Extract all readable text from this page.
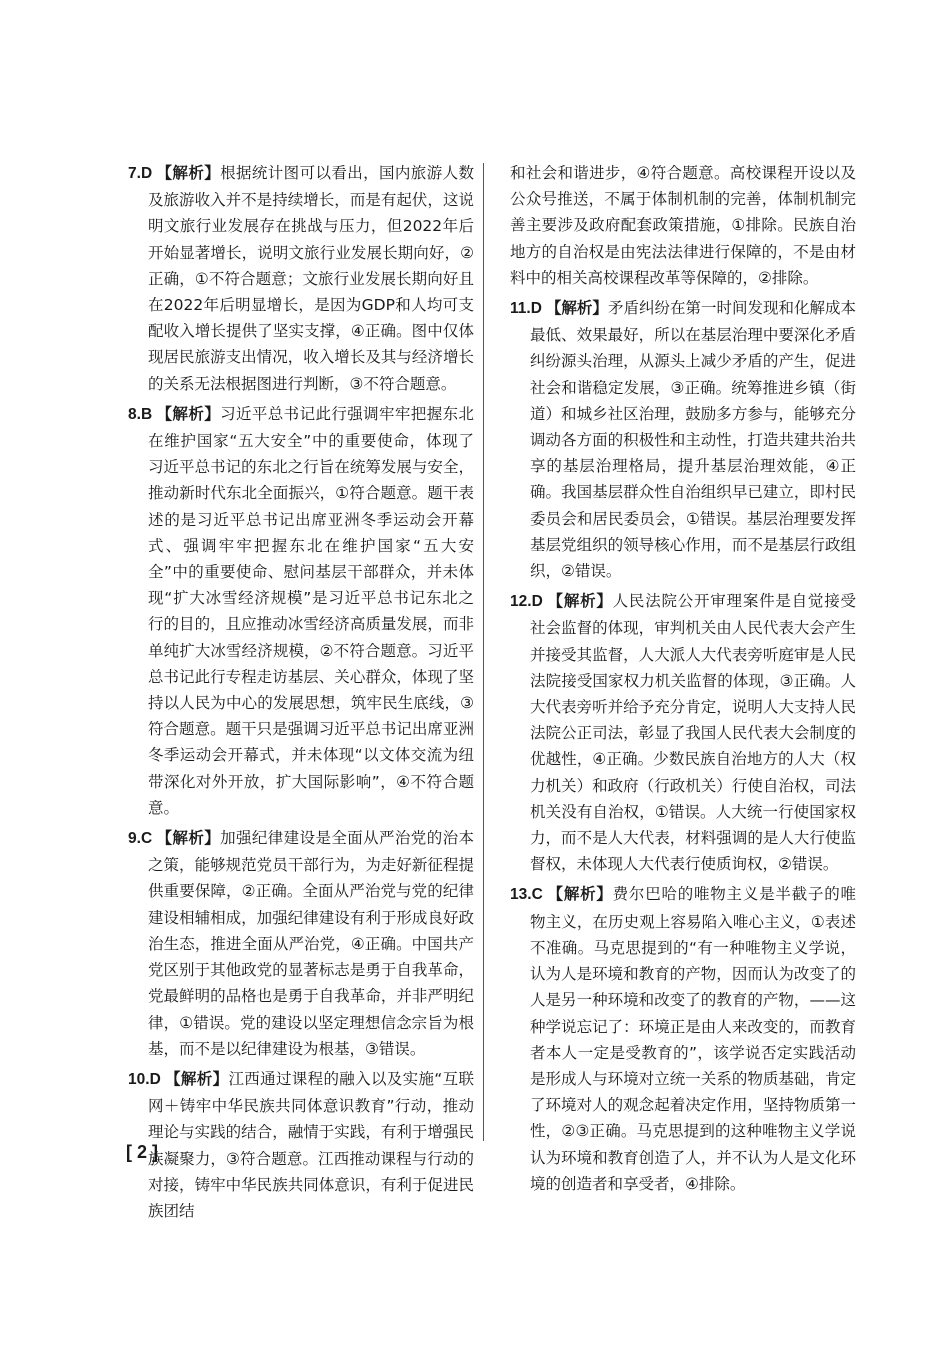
7.D 【解析】根据统计图可以看出，国内旅游人数及旅游收入并不是持续增长，而是有起伏，这说明文旅行业发展存在挑战与压力，但2022年后开始显著增长，说明文旅行业发展长期向好，②正确，①不符合题意；文旅行业发展长期向好且在2022年后明显增长，是因为GDP和人均可支配收入增长提供了坚实支撑，④正确。图中仅体现居民旅游支出情况，收入增长及其与经济增长的关系无法根据图进行判断，③不符合题意。

8.B 【解析】习近平总书记此行强调牢牢把握东北在维护国家“五大安全”中的重要使命，体现了习近平总书记的东北之行旨在统筹发展与安全，推动新时代东北全面振兴，①符合题意。题干表述的是习近平总书记出席亚洲冬季运动会开幕式、强调牢牢把握东北在维护国家“五大安全”中的重要使命、慰问基层干部群众，并未体现“扩大冰雪经济规模”是习近平总书记东北之行的目的，且应推动冰雪经济高质量发展，而非单纯扩大冰雪经济规模，②不符合题意。习近平总书记此行专程走访基层、关心群众，体现了坚持以人民为中心的发展思想，筑牢民生底线，③符合题意。题干只是强调习近平总书记出席亚洲冬季运动会开幕式，并未体现“以文体交流为纽带深化对外开放，扩大国际影响”，④不符合题意。

9.C 【解析】加强纪律建设是全面从严治党的治本之策，能够规范党员干部行为，为走好新征程提供重要保障，②正确。全面从严治党与党的纪律建设相辅相成，加强纪律建设有利于形成良好政治生态，推进全面从严治党，④正确。中国共产党区别于其他政党的显著标志是勇于自我革命，党最鲜明的品格也是勇于自我革命，并非严明纪律，①错误。党的建设以坚定理想信念宗旨为根基，而不是以纪律建设为根基，③错误。

10.D 【解析】江西通过课程的融入以及实施“互联网＋铸牢中华民族共同体意识教育”行动，推动理论与实践的结合，融情于实践，有利于增强民族凝聚力，③符合题意。江西推动课程与行动的对接，铸牢中华民族共同体意识，有利于促进民族团结

和社会和谐进步，④符合题意。高校课程开设以及公众号推送，不属于体制机制的完善，体制机制完善主要涉及政府配套政策措施，①排除。民族自治地方的自治权是由宪法法律进行保障的，不是由材料中的相关高校课程改革等保障的，②排除。

11.D 【解析】矛盾纠纷在第一时间发现和化解成本最低、效果最好，所以在基层治理中要深化矛盾纠纷源头治理，从源头上减少矛盾的产生，促进社会和谐稳定发展，③正确。统筹推进乡镇（街道）和城乡社区治理，鼓励多方参与，能够充分调动各方面的积极性和主动性，打造共建共治共享的基层治理格局，提升基层治理效能，④正确。我国基层群众性自治组织早已建立，即村民委员会和居民委员会，①错误。基层治理要发挥基层党组织的领导核心作用，而不是基层行政组织，②错误。

12.D 【解析】人民法院公开审理案件是自觉接受社会监督的体现，审判机关由人民代表大会产生并接受其监督，人大派人大代表旁听庭审是人民法院接受国家权力机关监督的体现，③正确。人大代表旁听并给予充分肯定，说明人大支持人民法院公正司法，彰显了我国人民代表大会制度的优越性，④正确。少数民族自治地方的人大（权力机关）和政府（行政机关）行使自治权，司法机关没有自治权，①错误。人大统一行使国家权力，而不是人大代表，材料强调的是人大行使监督权，未体现人大代表行使质询权，②错误。

13.C 【解析】费尔巴哈的唯物主义是半截子的唯物主义，在历史观上容易陷入唯心主义，①表述不准确。马克思提到的“有一种唯物主义学说，认为人是环境和教育的产物，因而认为改变了的人是另一种环境和改变了的教育的产物，——这种学说忘记了：环境正是由人来改变的，而教育者本人一定是受教育的”，该学说否定实践活动是形成人与环境对立统一关系的物质基础，肯定了环境对人的观念起着决定作用，坚持物质第一性，②③正确。马克思提到的这种唯物主义学说认为环境和教育创造了人，并不认为人是文化环境的创造者和享受者，④排除。

[ 2 ]
